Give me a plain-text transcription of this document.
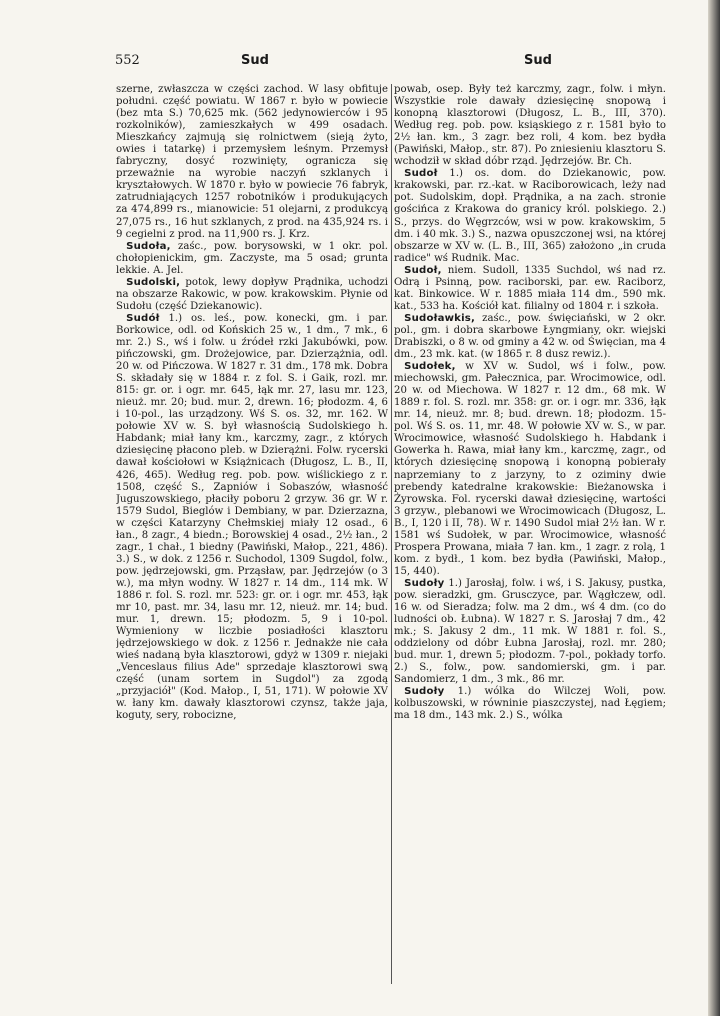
552	Sud	Sud

szerne, zwłaszcza w części zachod. W lasy obfituje południ. część powiatu. W 1867 r. było w powiecie (bez mta S.) 70,625 mk. (562 jedynowierców i 95 rozkolników), zamieszkałych w 499 osadach. Mieszkańcy zajmują się rolnictwem (sieją żyto, owies i tatarkę) i przemysłem leśnym. Przemysł fabryczny, dosyć rozwinięty, ogranicza się przeważnie na wyrobie naczyń szklanych i kryształowych. W 1870 r. było w powiecie 76 fabryk, zatrudniających 1257 robotników i produkujących za 474,899 rs., mianowicie: 51 olejarni, z produkcyą 27,075 rs., 16 hut szklanych, z prod. na 435,924 rs. i 9 cegielni z prod. na 11,900 rs. J. Krz.

 Sudoła, zaśc., pow. borysowski, w 1 okr. pol. chołopienickim, gm. Zaczyste, ma 5 osad; grunta lekkie. A. Jel.

 Sudolski, potok, lewy dopływ Prądnika, uchodzi na obszarze Rakowic, w pow. krakowskim. Płynie od Sudołu (część Dziekanowic).

 Sudół 1.) os. leś., pow. konecki, gm. i par. Borkowice, odl. od Końskich 25 w., 1 dm., 7 mk., 6 mr. 2.) S., wś i folw. u źródeł rzki Jakubówki, pow. pińczowski, gm. Drożejowice, par. Dzierzążnia, odl. 20 w. od Pińczowa. W 1827 r. 31 dm., 178 mk. Dobra S. składały się w 1884 r. z fol. S. i Gaik, rozl. mr. 815: gr. or. i ogr. mr. 645, łąk mr. 27, lasu mr. 123, nieuż. mr. 20; bud. mur. 2, drewn. 16; płodozm. 4, 6 i 10-pol., las urządzony. Wś S. os. 32, mr. 162. W połowie XV w. S. był własnością Sudolskiego h. Habdank; miał łany km., karczmy, zagr., z których dziesięcinę płacono pleb. w Dzierążni. Folw. rycerski dawał kościołowi w Książnicach (Długosz, L. B., II, 426, 465). Według reg. pob. pow. wiślickiego z r. 1508, część S., Zapniów i Sobaszów, własność Juguszowskiego, płaciły poboru 2 grzyw. 36 gr. W r. 1579 Sudol, Bieglów i Dembiany, w par. Dzierzazna, w części Katarzyny Chełmskiej miały 12 osad., 6 łan., 8 zagr., 4 biedn.; Borowskiej 4 osad., 2½ łan., 2 zagr., 1 chał., 1 biedny (Pawiński, Małop., 221, 486). 3.) S., w dok. z 1256 r. Suchodol, 1309 Sugdol, folw., pow. jędrzejowski, gm. Prząsław, par. Jędrzejów (o 3 w.), ma młyn wodny. W 1827 r. 14 dm., 114 mk. W 1886 r. fol. S. rozl. mr. 523: gr. or. i ogr. mr. 453, łąk mr 10, past. mr. 34, lasu mr. 12, nieuż. mr. 14; bud. mur. 1, drewn. 15; płodozm. 5, 9 i 10-pol. Wymieniony w liczbie posiadłości klasztoru jędrzejowskiego w dok. z 1256 r. Jednakże nie cała wieś nadaną była klasztorowi, gdyż w 1309 r. niejaki „Venceslaus filius Ade" sprzedaje klasztorowi swą część (unam sortem in Sugdol") za zgodą „przyjaciół" (Kod. Małop., I, 51, 171). W połowie XV w. łany km. dawały klasztorowi czynsz, także jaja, koguty, sery, robocizne,

powab, osep. Były też karczmy, zagr., folw. i młyn. Wszystkie role dawały dziesięcinę snopową i konopną klasztorowi (Długosz, L. B., III, 370). Według reg. pob. pow. ksiąskiego z r. 1581 było to 2½ łan. km., 3 zagr. bez roli, 4 kom. bez bydła (Pawiński, Małop., str. 87). Po zniesieniu klasztoru S. wchodził w skład dóbr rząd. Jędrzejów. Br. Ch.

 Sudoł 1.) os. dom. do Dziekanowic, pow. krakowski, par. rz.-kat. w Raciborowicach, leży nad pot. Sudolskim, dopł. Prądnika, a na zach. stronie gościńca z Krakowa do granicy król. polskiego. 2.) S., przys. do Węgrzców, wsi w pow. krakowskim, 5 dm. i 40 mk. 3.) S., nazwa opuszczonej wsi, na której obszarze w XV w. (L. B., III, 365) założono „in cruda radice" wś Rudnik. Mac.

 Sudoł, niem. Sudoll, 1335 Suchdol, wś nad rz. Odrą i Psinną, pow. raciborski, par. ew. Raciborz, kat. Binkowice. W r. 1885 miała 114 dm., 590 mk. kat., 533 ha. Kościół kat. filialny od 1804 r. i szkoła.

 Sudoławkis, zaśc., pow. święciański, w 2 okr. pol., gm. i dobra skarbowe Łyngmiany, okr. wiejski Drabiszki, o 8 w. od gminy a 42 w. od Święcian, ma 4 dm., 23 mk. kat. (w 1865 r. 8 dusz rewiz.).

 Sudołek, w XV w. Sudol, wś i folw., pow. miechowski, gm. Pałecznica, par. Wrocimowice, odl. 20 w. od Miechowa. W 1827 r. 12 dm., 68 mk. W 1889 r. fol. S. rozl. mr. 358: gr. or. i ogr. mr. 336, łąk mr. 14, nieuż. mr. 8; bud. drewn. 18; płodozm. 15-pol. Wś S. os. 11, mr. 48. W połowie XV w. S., w par. Wrocimowice, własność Sudolskiego h. Habdank i Gowerka h. Rawa, miał łany km., karczmę, zagr., od których dziesięcinę snopową i konopną pobierały naprzemiany to z jarzyny, to z oziminy dwie prebendy katedralne krakowskie: Bieżanowska i Żyrowska. Fol. rycerski dawał dziesięcinę, wartości 3 grzyw., plebanowi we Wrocimowicach (Długosz, L. B., I, 120 i II, 78). W r. 1490 Sudol miał 2½ łan. W r. 1581 wś Sudołek, w par. Wrocimowice, własność Prospera Prowana, miała 7 łan. km., 1 zagr. z rolą, 1 kom. z bydł., 1 kom. bez bydła (Pawiński, Małop., 15, 440).

 Sudoły 1.) Jarosłaj, folw. i wś, i S. Jakusy, pustka, pow. sieradzki, gm. Grusczyce, par. Wągłczew, odl. 16 w. od Sieradza; folw. ma 2 dm., wś 4 dm. (co do ludności ob. Łubna). W 1827 r. S. Jarosłaj 7 dm., 42 mk.; S. Jakusy 2 dm., 11 mk. W 1881 r. fol. S., oddzielony od dóbr Łubna Jarosłaj, rozl. mr. 280; bud. mur. 1, drewn 5; płodozm. 7-pol., pokłady torfo. 2.) S., folw., pow. sandomierski, gm. i par. Sandomierz, 1 dm., 3 mk., 86 mr.

 Sudoły 1.) wólka do Wilczej Woli, pow. kolbuszowski, w równinie piaszczystej, nad Łęgiem; ma 18 dm., 143 mk. 2.) S., wólka
